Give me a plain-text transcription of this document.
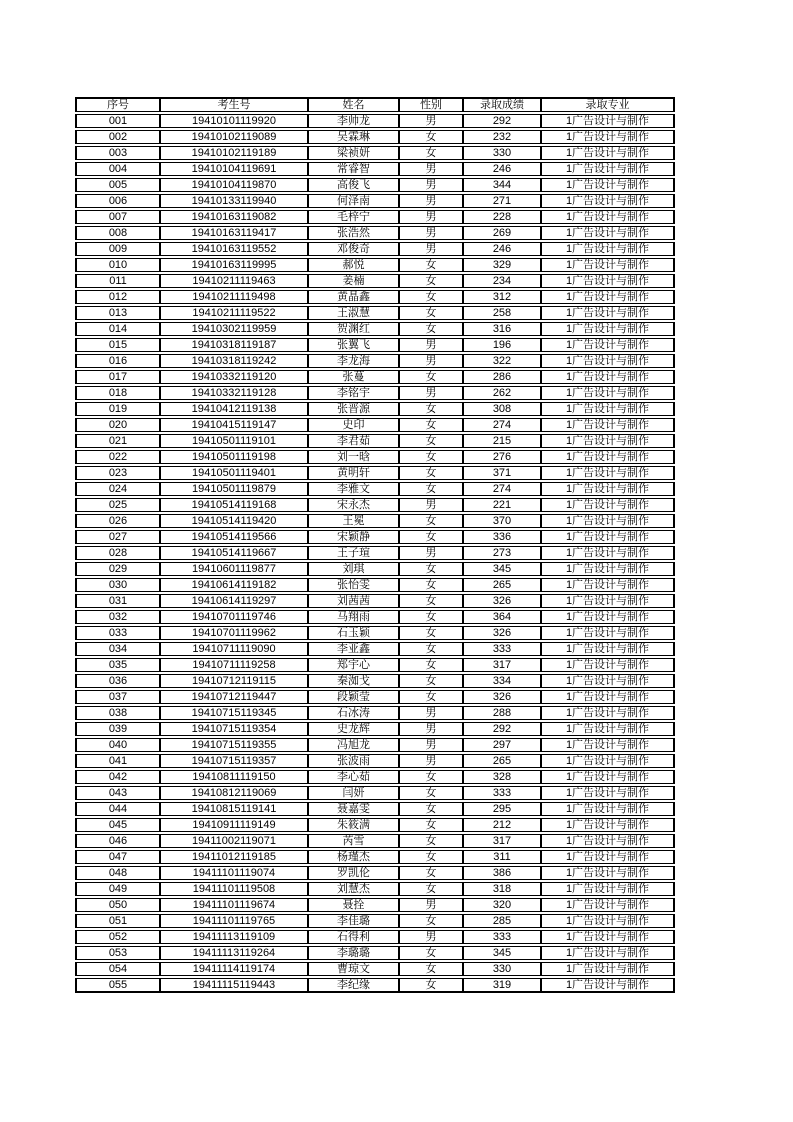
序号	考生号	姓名	性别	录取成绩	录取专业
001	19410101119920	李帅龙	男	292	1广告设计与制作
002	19410102119089	吴霖琳	女	232	1广告设计与制作
003	19410102119189	梁祯妍	女	330	1广告设计与制作
004	19410104119691	常睿智	男	246	1广告设计与制作
005	19410104119870	高俊飞	男	344	1广告设计与制作
006	19410133119940	何泽南	男	271	1广告设计与制作
007	19410163119082	毛梓宁	男	228	1广告设计与制作
008	19410163119417	张浩然	男	269	1广告设计与制作
009	19410163119552	邓俊奇	男	246	1广告设计与制作
010	19410163119995	郝悦	女	329	1广告设计与制作
011	19410211119463	姜楠	女	234	1广告设计与制作
012	19410211119498	黄晶鑫	女	312	1广告设计与制作
013	19410211119522	王淑慧	女	258	1广告设计与制作
014	19410302119959	贺渊红	女	316	1广告设计与制作
015	19410318119187	张翼飞	男	196	1广告设计与制作
016	19410318119242	李龙海	男	322	1广告设计与制作
017	19410332119120	张蔓	女	286	1广告设计与制作
018	19410332119128	李铭宇	男	262	1广告设计与制作
019	19410412119138	张晋源	女	308	1广告设计与制作
020	19410415119147	史印	女	274	1广告设计与制作
021	19410501119101	李君茹	女	215	1广告设计与制作
022	19410501119198	刘一晗	女	276	1广告设计与制作
023	19410501119401	黄明轩	女	371	1广告设计与制作
024	19410501119879	李雅文	女	274	1广告设计与制作
025	19410514119168	宋永杰	男	221	1广告设计与制作
026	19410514119420	王冕	女	370	1广告设计与制作
027	19410514119566	宋颖静	女	336	1广告设计与制作
028	19410514119667	王子瑄	男	273	1广告设计与制作
029	19410601119877	刘琪	女	345	1广告设计与制作
030	19410614119182	张怡雯	女	265	1广告设计与制作
031	19410614119297	刘茜茜	女	326	1广告设计与制作
032	19410701119746	马翔雨	女	364	1广告设计与制作
033	19410701119962	石玉颖	女	326	1广告设计与制作
034	19410711119090	李亚鑫	女	333	1广告设计与制作
035	19410711119258	郑宇心	女	317	1广告设计与制作
036	19410712119115	秦洳戈	女	334	1广告设计与制作
037	19410712119447	段颖莹	女	326	1广告设计与制作
038	19410715119345	石冰涛	男	288	1广告设计与制作
039	19410715119354	史龙辉	男	292	1广告设计与制作
040	19410715119355	冯旭龙	男	297	1广告设计与制作
041	19410715119357	张波雨	男	265	1广告设计与制作
042	19410811119150	李心茹	女	328	1广告设计与制作
043	19410812119069	闫妍	女	333	1广告设计与制作
044	19410815119141	聂嘉雯	女	295	1广告设计与制作
045	19410911119149	朱筱满	女	212	1广告设计与制作
046	19411002119071	芮雪	女	317	1广告设计与制作
047	19411012119185	杨瑾杰	女	311	1广告设计与制作
048	19411101119074	罗凯伦	女	386	1广告设计与制作
049	19411101119508	刘慧杰	女	318	1广告设计与制作
050	19411101119674	聂拴	男	320	1广告设计与制作
051	19411101119765	李佳璐	女	285	1广告设计与制作
052	19411113119109	石得利	男	333	1广告设计与制作
053	19411113119264	李璐璐	女	345	1广告设计与制作
054	19411114119174	曹琼文	女	330	1广告设计与制作
055	19411115119443	李纪缘	女	319	1广告设计与制作
